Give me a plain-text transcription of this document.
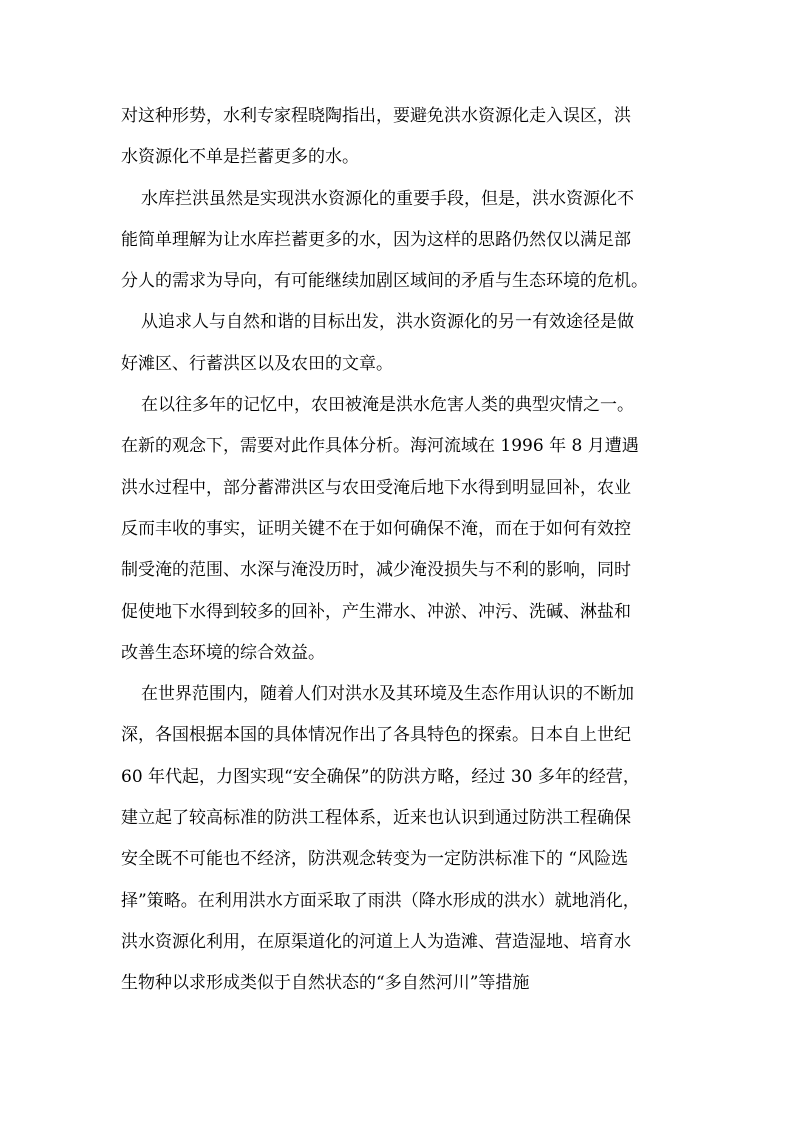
对这种形势，水利专家程晓陶指出，要避免洪水资源化走入误区，洪
水资源化不单是拦蓄更多的水。
水库拦洪虽然是实现洪水资源化的重要手段，但是，洪水资源化不
能简单理解为让水库拦蓄更多的水，因为这样的思路仍然仅以满足部
分人的需求为导向，有可能继续加剧区域间的矛盾与生态环境的危机。
从追求人与自然和谐的目标出发，洪水资源化的另一有效途径是做
好滩区、行蓄洪区以及农田的文章。
在以往多年的记忆中，农田被淹是洪水危害人类的典型灾情之一。
在新的观念下，需要对此作具体分析。海河流域在 1996 年 8 月遭遇
洪水过程中，部分蓄滞洪区与农田受淹后地下水得到明显回补，农业
反而丰收的事实，证明关键不在于如何确保不淹，而在于如何有效控
制受淹的范围、水深与淹没历时，减少淹没损失与不利的影响，同时
促使地下水得到较多的回补，产生滞水、冲淤、冲污、洗碱、淋盐和
改善生态环境的综合效益。
在世界范围内，随着人们对洪水及其环境及生态作用认识的不断加
深，各国根据本国的具体情况作出了各具特色的探索。日本自上世纪
60 年代起，力图实现“安全确保”的防洪方略，经过 30 多年的经营，
建立起了较高标准的防洪工程体系，近来也认识到通过防洪工程确保
安全既不可能也不经济，防洪观念转变为一定防洪标准下的 “风险选
择”策略。在利用洪水方面采取了雨洪（降水形成的洪水）就地消化，
洪水资源化利用，在原渠道化的河道上人为造滩、营造湿地、培育水
生物种以求形成类似于自然状态的“多自然河川”等措施
